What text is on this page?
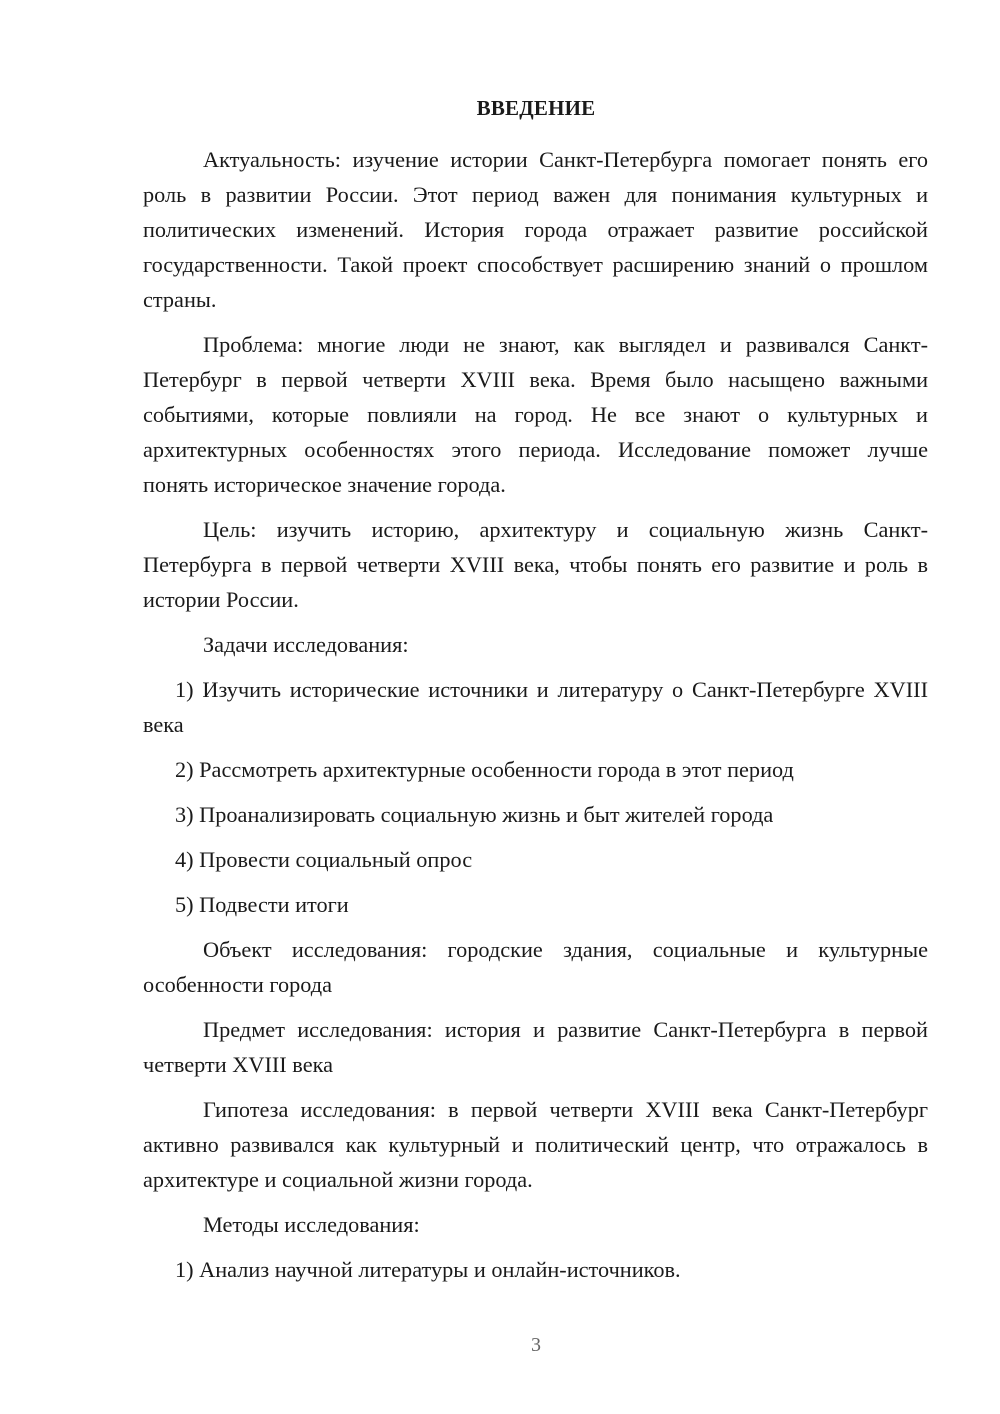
ВВЕДЕНИЕ

Актуальность: изучение истории Санкт-Петербурга помогает понять его роль в развитии России. Этот период важен для понимания культурных и политических изменений. История города отражает развитие российской государственности. Такой проект способствует расширению знаний о прошлом страны.

Проблема: многие люди не знают, как выглядел и развивался Санкт-Петербург в первой четверти XVIII века. Время было насыщено важными событиями, которые повлияли на город. Не все знают о культурных и архитектурных особенностях этого периода. Исследование поможет лучше понять историческое значение города.

Цель: изучить историю, архитектуру и социальную жизнь Санкт-Петербурга в первой четверти XVIII века, чтобы понять его развитие и роль в истории России.

Задачи исследования:

1) Изучить исторические источники и литературу о Санкт-Петербурге XVIII века

2) Рассмотреть архитектурные особенности города в этот период

3) Проанализировать социальную жизнь и быт жителей города

4) Провести социальный опрос

5) Подвести итоги

Объект исследования: городские здания, социальные и культурные особенности города

Предмет исследования: история и развитие Санкт-Петербурга в первой четверти XVIII века

Гипотеза исследования: в первой четверти XVIII века Санкт-Петербург активно развивался как культурный и политический центр, что отражалось в архитектуре и социальной жизни города.

Методы исследования:

1) Анализ научной литературы и онлайн-источников.

3
